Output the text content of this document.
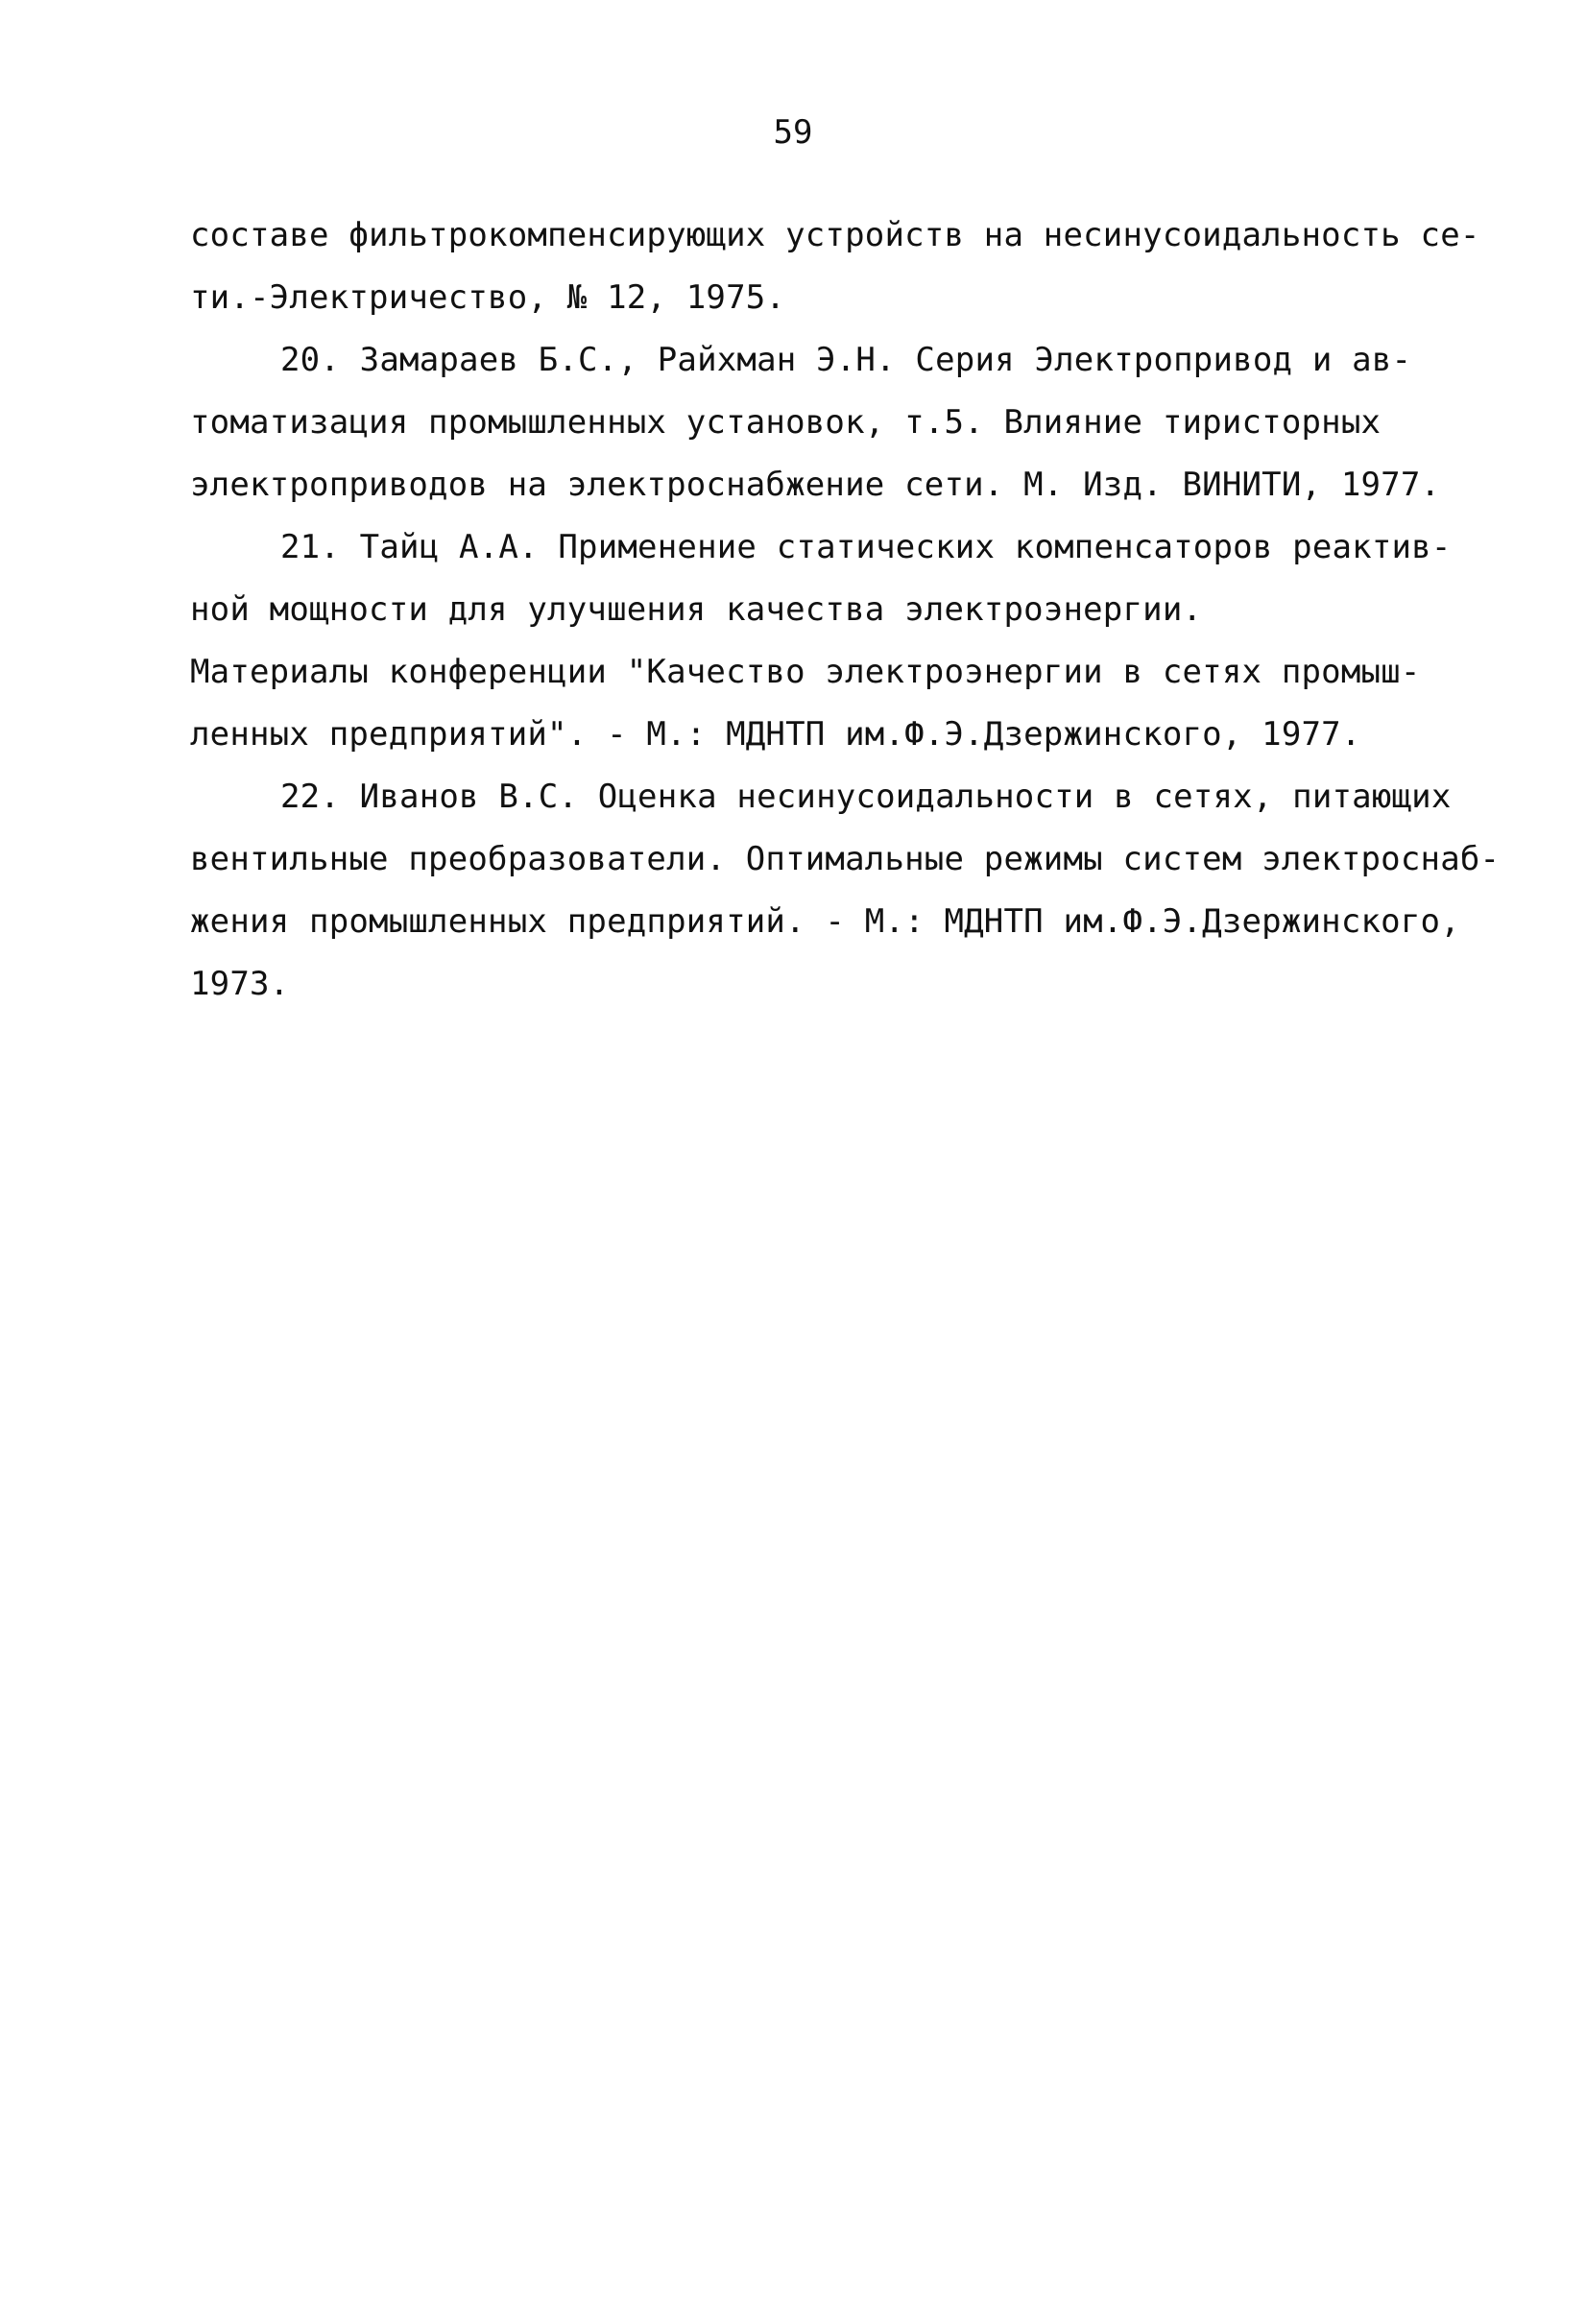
59
составе фильтрокомпенсирующих устройств на несинусоидальность се-
ти.-Электричество, № 12, 1975.
20. Замараев Б.С., Райхман Э.Н. Серия Электропривод и ав-
томатизация промышленных установок, т.5. Влияние тиристорных
электроприводов на электроснабжение сети. М. Изд. ВИНИТИ, 1977.
21. Тайц А.А. Применение статических компенсаторов реактив-
ной мощности для улучшения качества электроэнергии.
Материалы конференции "Качество электроэнергии в сетях промыш-
ленных предприятий". - М.: МДНТП им.Ф.Э.Дзержинского, 1977.
22. Иванов В.С. Оценка несинусоидальности в сетях, питающих
вентильные преобразователи. Оптимальные режимы систем электроснаб-
жения промышленных предприятий. - М.: МДНТП им.Ф.Э.Дзержинского,
1973.
